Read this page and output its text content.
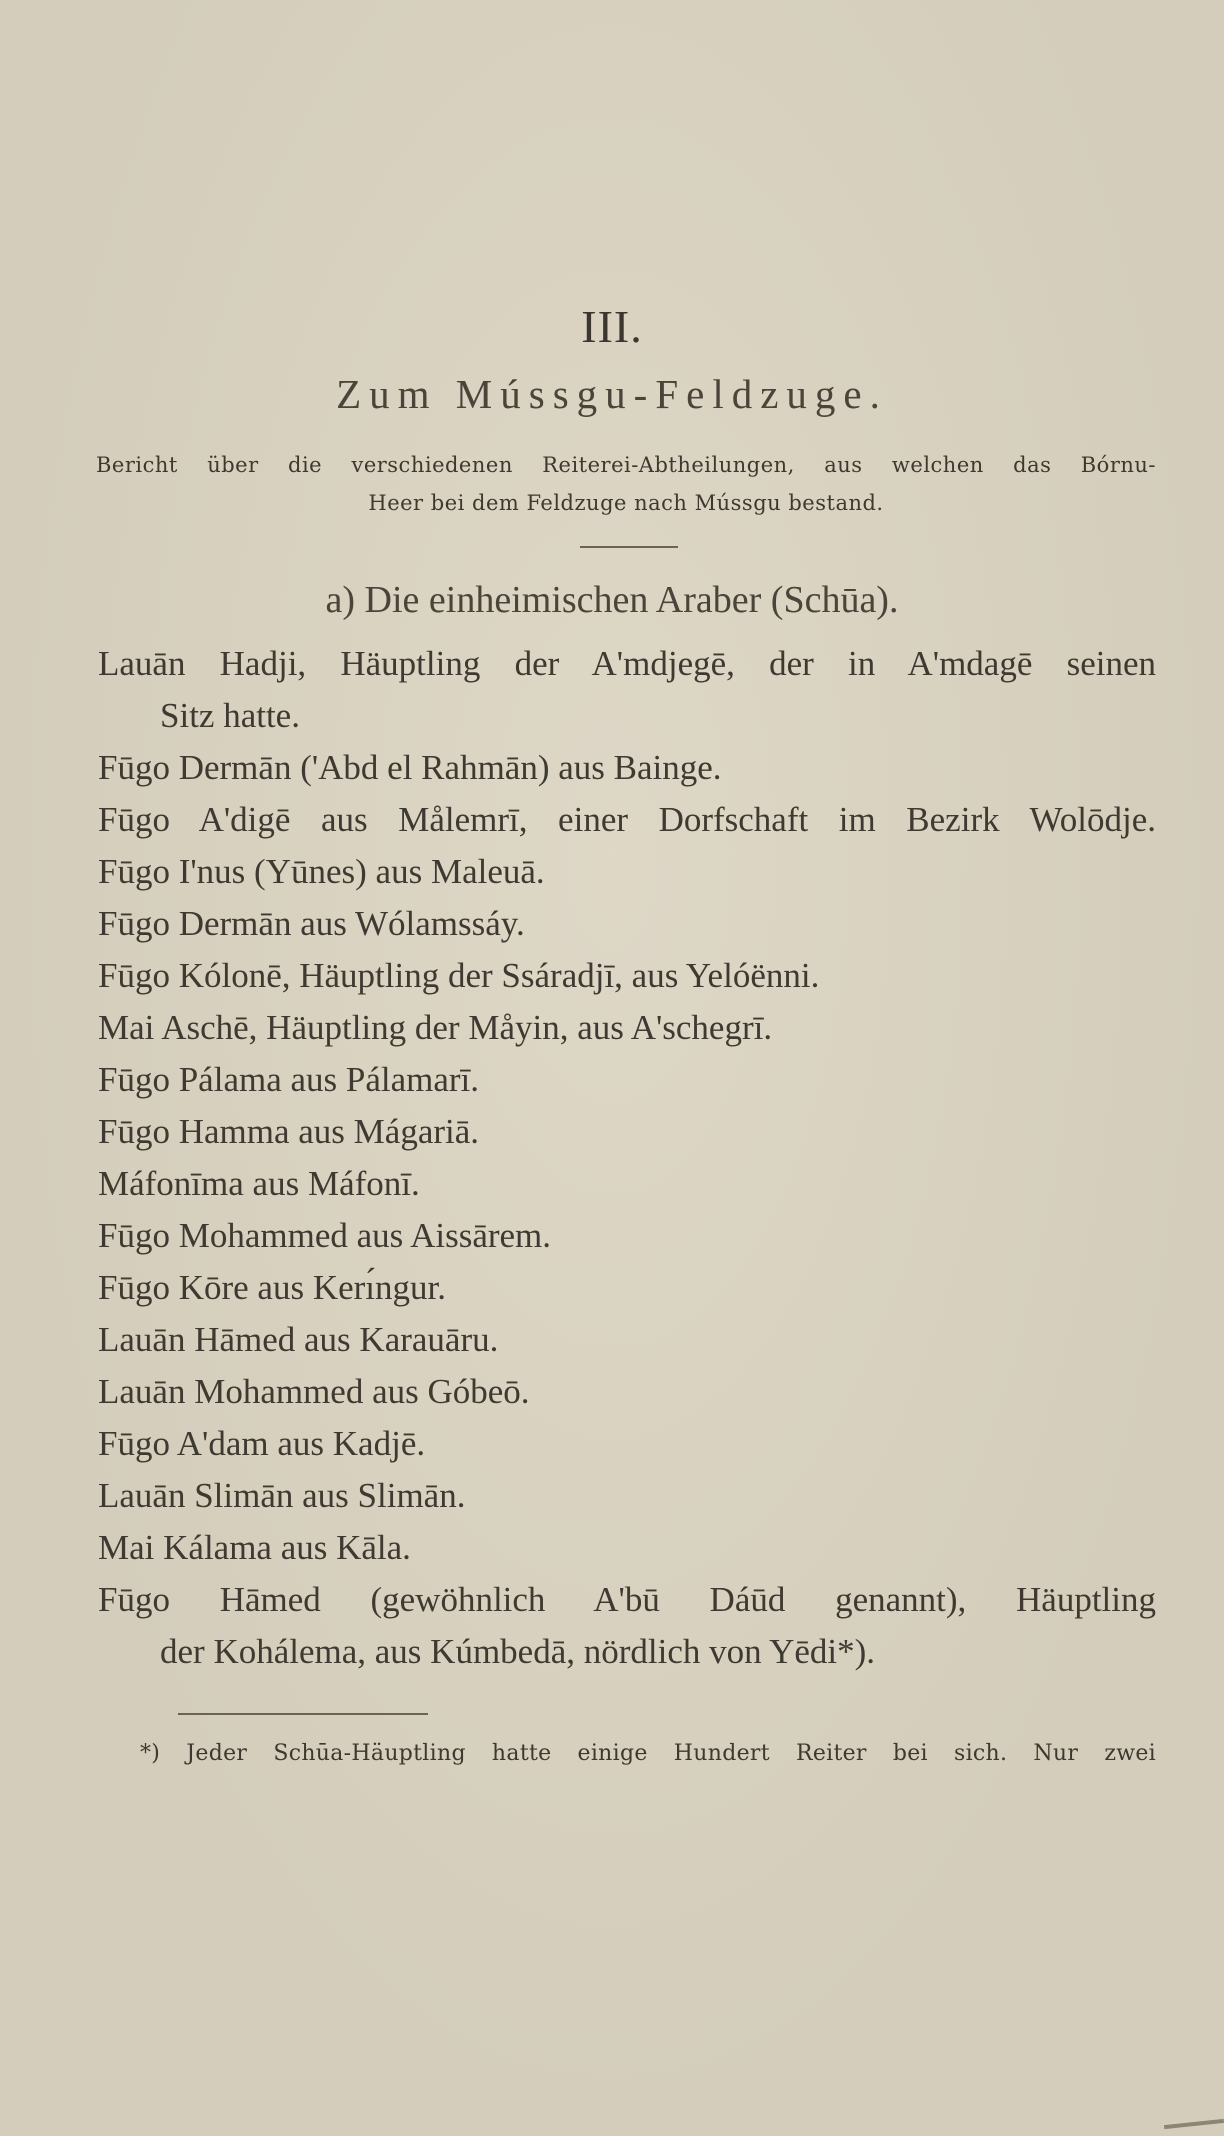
III.
Zum Mússgu-Feldzuge.
Bericht über die verschiedenen Reiterei-Abtheilungen, aus welchen das Bórnu-
Heer bei dem Feldzuge nach Mússgu bestand.
a) Die einheimischen Araber (Schūa).

Lauān Hadji, Häuptling der A'mdjegē, der in A'mdagē seinen
Sitz hatte.

Fūgo Dermān ('Abd el Rahmān) aus Bainge.

Fūgo A'digē aus Målemrī, einer Dorfschaft im Bezirk Wolōdje.

Fūgo I'nus (Yūnes) aus Maleuā.

Fūgo Dermān aus Wólamssáy.

Fūgo Kólonē, Häuptling der Ssáradjī, aus Yelóënni.

Mai Aschē, Häuptling der Måyin, aus A'schegrī.

Fūgo Pálama aus Pálamarī.

Fūgo Hamma aus Mágariā.

Máfonīma aus Máfonī.

Fūgo Mohammed aus Aissārem.

Fūgo Kōre aus Kerı́ngur.

Lauān Hāmed aus Karauāru.

Lauān Mohammed aus Góbeō.

Fūgo A'dam aus Kadjē.

Lauān Slimān aus Slimān.

Mai Kálama aus Kāla.

Fūgo Hāmed (gewöhnlich A'bū Dáūd genannt), Häuptling
der Kohálema, aus Kúmbedā, nördlich von Yēdi*).

*) Jeder Schūa-Häuptling hatte einige Hundert Reiter bei sich. Nur zwei
